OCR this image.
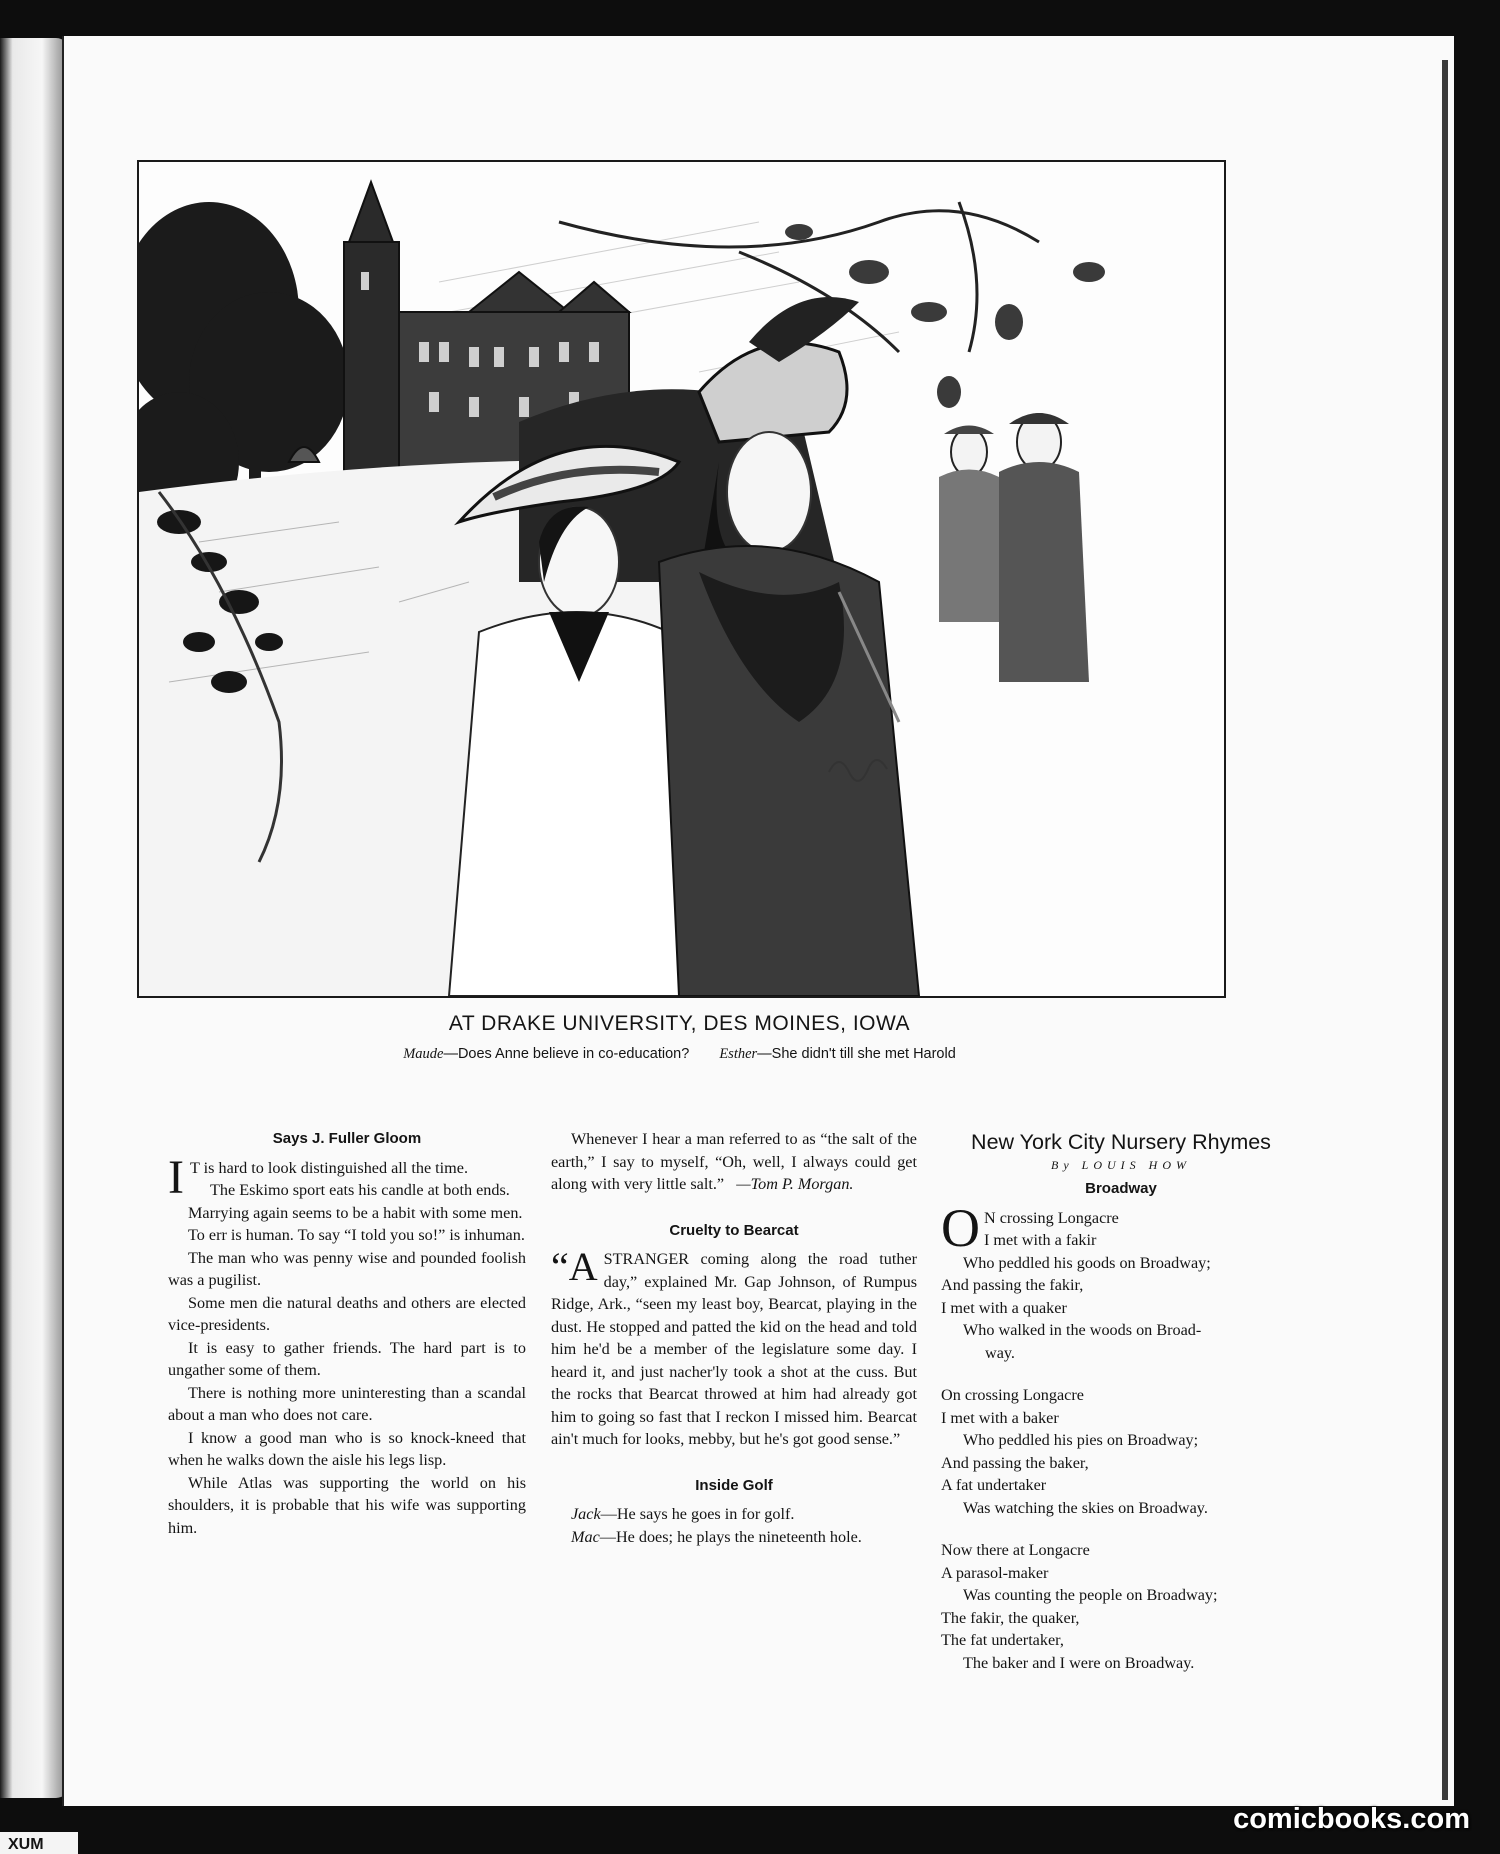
AT DRAKE UNIVERSITY, DES MOINES, IOWA

Maude—Does Anne believe in co-education? Esther—She didn't till she met Harold

Says J. Fuller Gloom

I T is hard to look distinguished all the time.

The Eskimo sport eats his candle at both ends.

Marrying again seems to be a habit with some men.

To err is human. To say “I told you so!” is inhuman.

The man who was penny wise and pounded foolish was a pugilist.

Some men die natural deaths and others are elected vice-presidents.

It is easy to gather friends. The hard part is to ungather some of them.

There is nothing more uninteresting than a scandal about a man who does not care.

I know a good man who is so knock-kneed that when he walks down the aisle his legs lisp.

While Atlas was supporting the world on his shoulders, it is probable that his wife was supporting him.

Whenever I hear a man referred to as “the salt of the earth,” I say to myself, “Oh, well, I always could get along with very little salt.” —Tom P. Morgan.

Cruelty to Bearcat

“A STRANGER coming along the road tuther day,” explained Mr. Gap Johnson, of Rumpus Ridge, Ark., “seen my least boy, Bearcat, playing in the dust. He stopped and patted the kid on the head and told him he'd be a member of the legislature some day. I heard it, and just nacher'ly took a shot at the cuss. But the rocks that Bearcat throwed at him had already got him to going so fast that I reckon I missed him. Bearcat ain't much for looks, mebby, but he's got good sense.”

Inside Golf

Jack—He says he goes in for golf.

Mac—He does; he plays the nineteenth hole.

New York City Nursery Rhymes
By LOUIS HOW
Broadway
O N crossing Longacre
I met with a fakir
Who peddled his goods on Broadway;
And passing the fakir,
I met with a quaker
Who walked in the woods on Broad-
way.
On crossing Longacre
I met with a baker
Who peddled his pies on Broadway;
And passing the baker,
A fat undertaker
Was watching the skies on Broadway.
Now there at Longacre
A parasol-maker
Was counting the people on Broadway;
The fakir, the quaker,
The fat undertaker,
The baker and I were on Broadway.
comicbooks.com
XUM
